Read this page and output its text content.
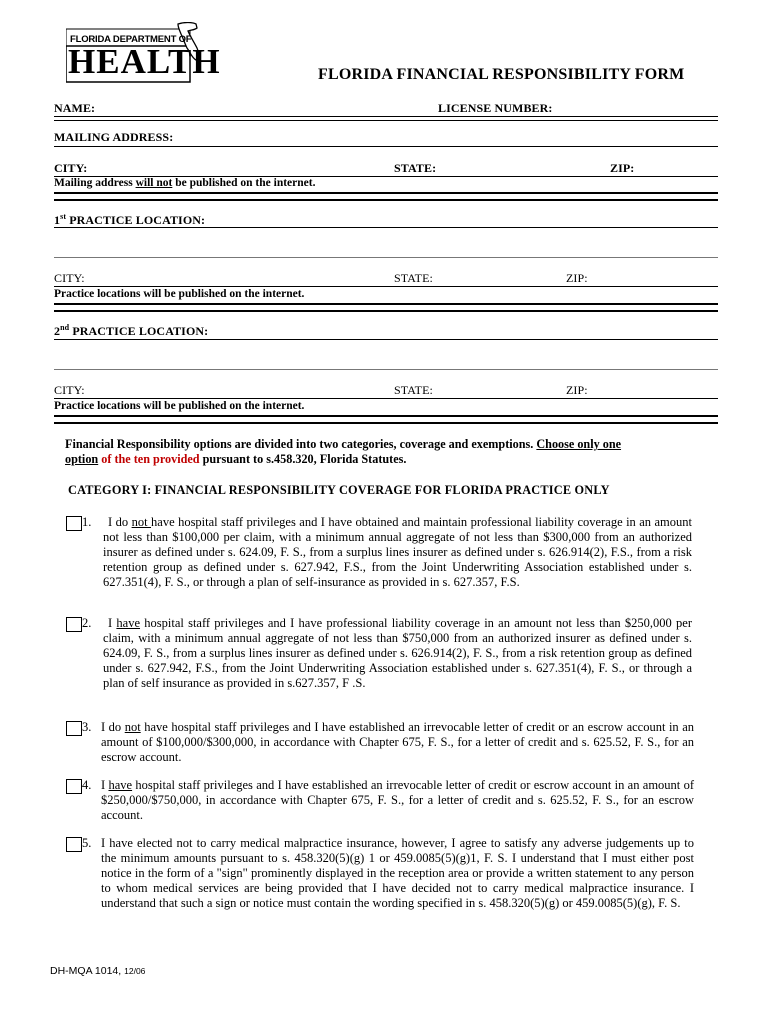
FLORIDA DEPARTMENT OF
HEALTH	FLORIDA FINANCIAL RESPONSIBILITY FORM
NAME:	LICENSE NUMBER:
MAILING ADDRESS:
CITY:	STATE:	ZIP:
Mailing address will not be published on the internet.
1st PRACTICE LOCATION:
CITY:	STATE:	ZIP:
Practice locations will be published on the internet.
2nd PRACTICE LOCATION:
CITY:	STATE:	ZIP:
Practice locations will be published on the internet.
Financial Responsibility options are divided into two categories, coverage and exemptions. Choose only one
option of the ten provided pursuant to s.458.320, Florida Statutes.
CATEGORY I: FINANCIAL RESPONSIBILITY COVERAGE FOR FLORIDA PRACTICE ONLY
1.	I do not have hospital staff privileges and I have obtained and maintain professional liability coverage in an amount not less than $100,000 per claim, with a minimum annual aggregate of not less than $300,000 from an authorized insurer as defined under s. 624.09, F. S., from a surplus lines insurer as defined under s. 626.914(2), F.S., from a risk retention group as defined under s. 627.942, F.S., from the Joint Underwriting Association established under s. 627.351(4), F. S., or through a plan of self-insurance as provided in s. 627.357, F.S.
2.	I have hospital staff privileges and I have professional liability coverage in an amount not less than $250,000 per claim, with a minimum annual aggregate of not less than $750,000 from an authorized insurer as defined under s. 624.09, F. S., from a surplus lines insurer as defined under s. 626.914(2), F. S., from a risk retention group as defined under s. 627.942, F.S., from the Joint Underwriting Association established under s. 627.351(4), F. S., or through a plan of self insurance as provided in s.627.357, F .S.
3. I do not have hospital staff privileges and I have established an irrevocable letter of credit or an escrow account in an amount of $100,000/$300,000, in accordance with Chapter 675, F. S., for a letter of credit and s. 625.52, F. S., for an escrow account.
4. I have hospital staff privileges and I have established an irrevocable letter of credit or escrow account in an amount of $250,000/$750,000, in accordance with Chapter 675, F. S., for a letter of credit and s. 625.52, F. S., for an escrow account.
5. I have elected not to carry medical malpractice insurance, however, I agree to satisfy any adverse judgements up to the minimum amounts pursuant to s. 458.320(5)(g) 1 or 459.0085(5)(g)1, F. S. I understand that I must either post notice in the form of a "sign" prominently displayed in the reception area or provide a written statement to any person to whom medical services are being provided that I have decided not to carry medical malpractice insurance. I understand that such a sign or notice must contain the wording specified in s. 458.320(5)(g) or 459.0085(5)(g), F. S.
DH-MQA 1014, 12/06
